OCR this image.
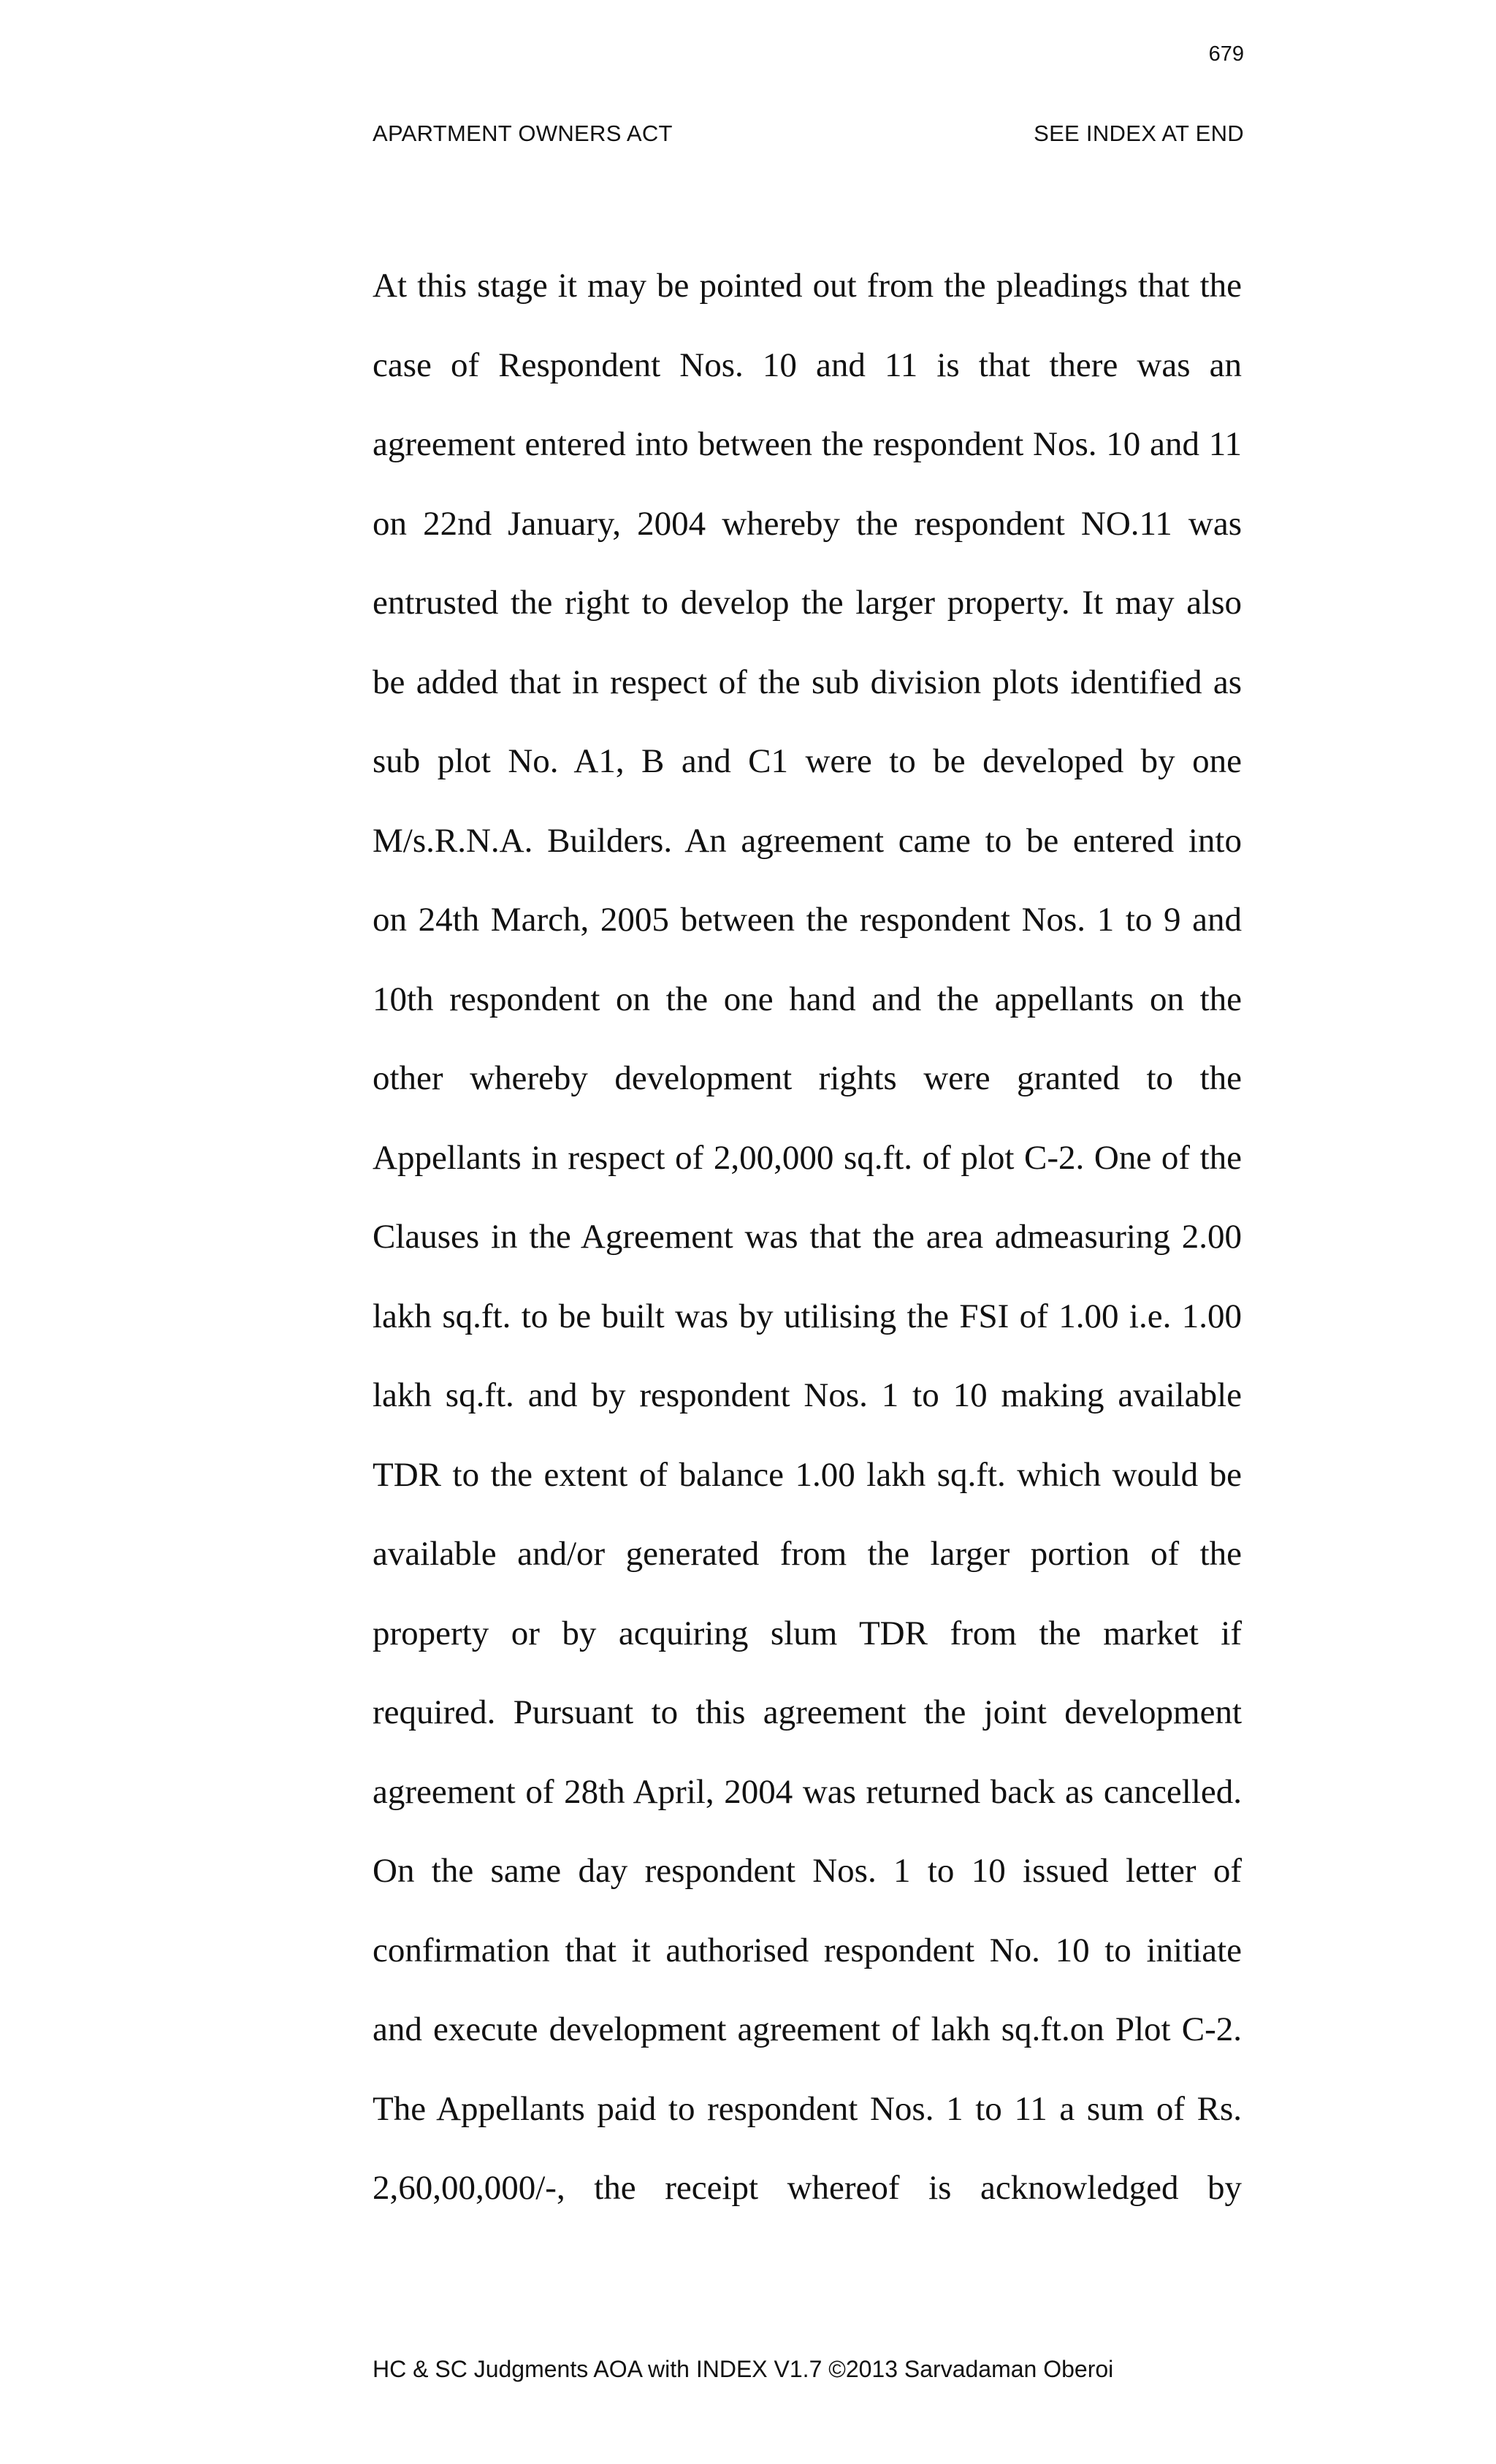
679
APARTMENT OWNERS ACT	SEE INDEX AT END
At this stage it may be pointed out from the pleadings that the
case of Respondent Nos. 10 and 11 is that there was an
agreement entered into between the respondent Nos. 10 and 11
on 22nd January, 2004 whereby the respondent NO.11 was
entrusted the right to develop the larger property. It may also
be added that in respect of the sub division plots identified as
sub plot No. A1, B and C1 were to be developed by one
M/s.R.N.A. Builders. An agreement came to be entered into
on 24th March, 2005 between the respondent Nos. 1 to 9 and
10th respondent on the one hand and the appellants on the
other whereby development rights were granted to the
Appellants in respect of 2,00,000 sq.ft. of plot C-2. One of the
Clauses in the Agreement was that the area admeasuring 2.00
lakh sq.ft. to be built was by utilising the FSI of 1.00 i.e. 1.00
lakh sq.ft. and by respondent Nos. 1 to 10 making available
TDR to the extent of balance 1.00 lakh sq.ft. which would be
available and/or generated from the larger portion of the
property or by acquiring slum TDR from the market if
required. Pursuant to this agreement the joint development
agreement of 28th April, 2004 was returned back as cancelled.
On the same day respondent Nos. 1 to 10 issued letter of
confirmation that it authorised respondent No. 10 to initiate
and execute development agreement of lakh sq.ft.on Plot C-2.
The Appellants paid to respondent Nos. 1 to 11 a sum of Rs.
2,60,00,000/-, the receipt whereof is acknowledged by
HC & SC Judgments AOA with INDEX V1.7 ©2013 Sarvadaman Oberoi
